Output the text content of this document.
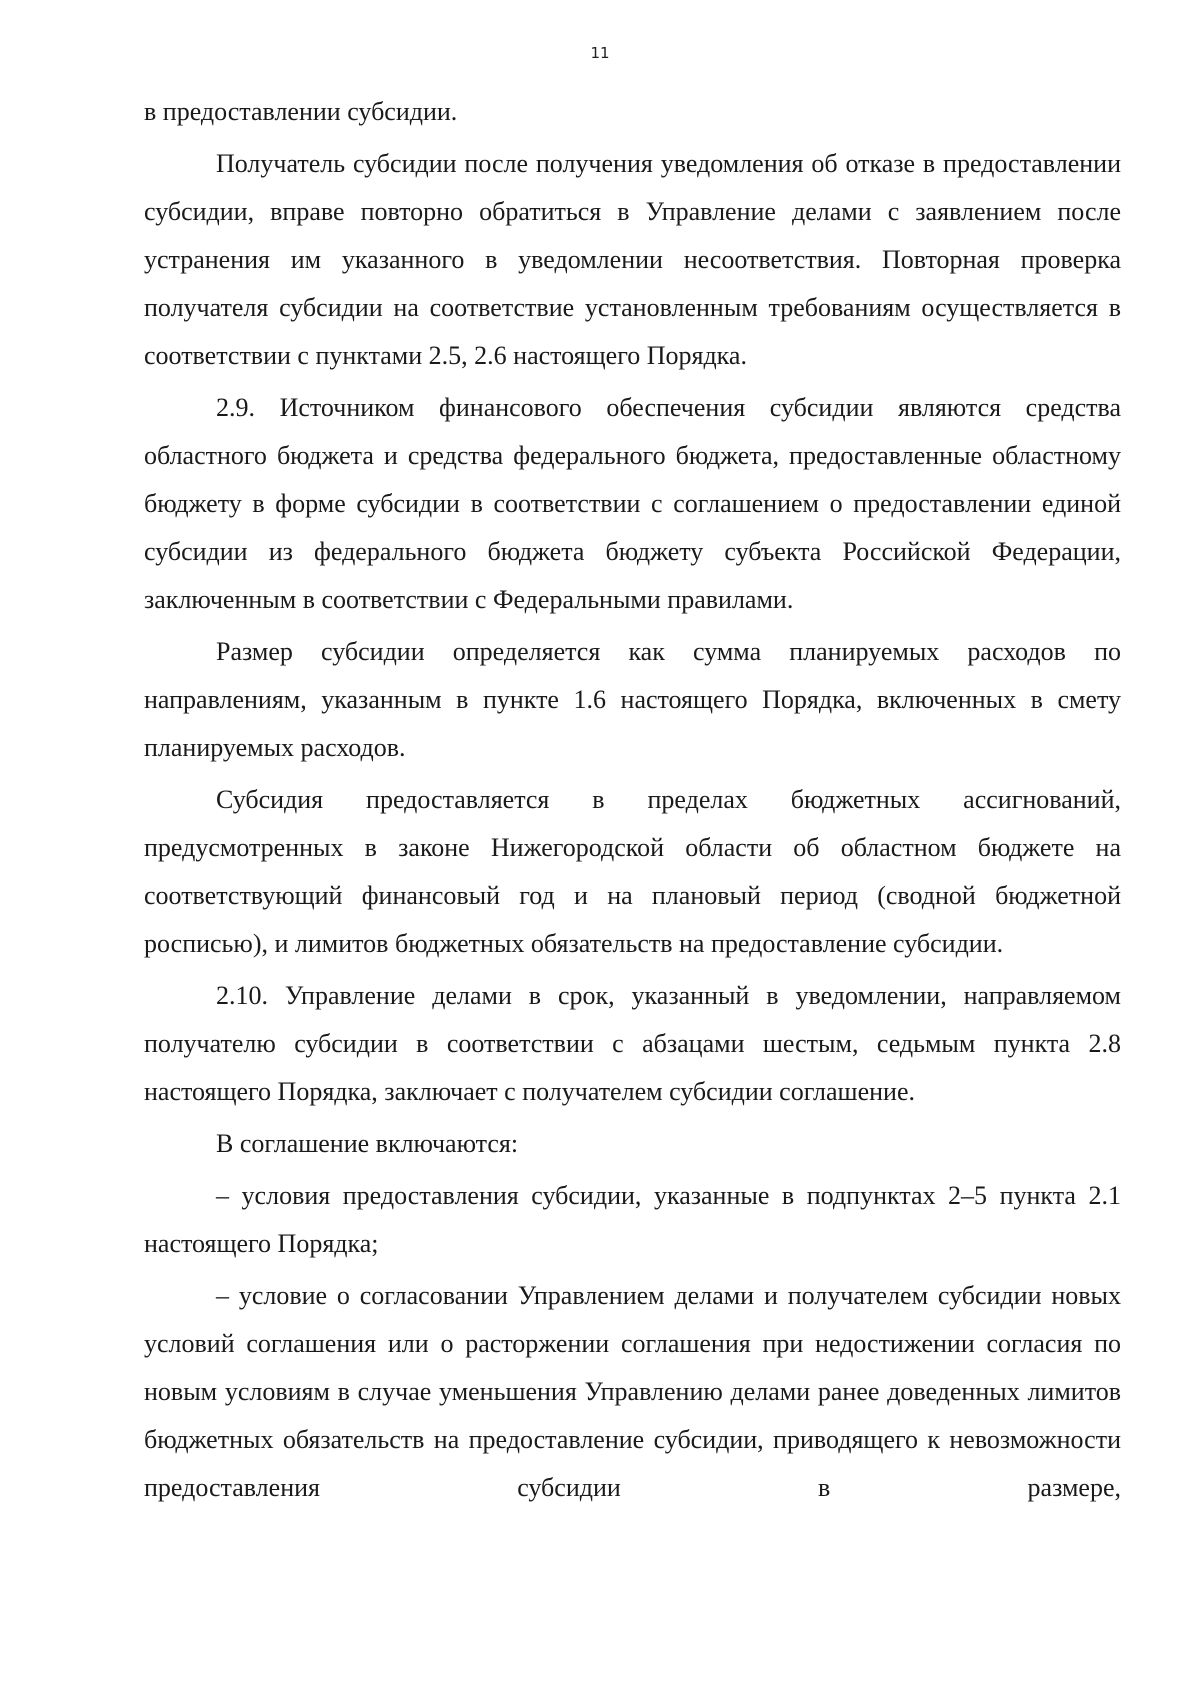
11

в предоставлении субсидии.

Получатель субсидии после получения уведомления об отказе в предоставлении субсидии, вправе повторно обратиться в Управление делами с заявлением после устранения им указанного в уведомлении несоответствия. Повторная проверка получателя субсидии на соответствие установленным требованиям осуществляется в соответствии с пунктами 2.5, 2.6 настоящего Порядка.

2.9. Источником финансового обеспечения субсидии являются средства областного бюджета и средства федерального бюджета, предоставленные областному бюджету в форме субсидии в соответствии с соглашением о предоставлении единой субсидии из федерального бюджета бюджету субъекта Российской Федерации, заключенным в соответствии с Федеральными правилами.

Размер субсидии определяется как сумма планируемых расходов по направлениям, указанным в пункте 1.6 настоящего Порядка, включенных в смету планируемых расходов.

Субсидия предоставляется в пределах бюджетных ассигнований, предусмотренных в законе Нижегородской области об областном бюджете на соответствующий финансовый год и на плановый период (сводной бюджетной росписью), и лимитов бюджетных обязательств на предоставление субсидии.

2.10. Управление делами в срок, указанный в уведомлении, направляемом получателю субсидии в соответствии с абзацами шестым, седьмым пункта 2.8 настоящего Порядка, заключает с получателем субсидии соглашение.

В соглашение включаются:

– условия предоставления субсидии, указанные в подпунктах 2–5 пункта 2.1 настоящего Порядка;

– условие о согласовании Управлением делами и получателем субсидии новых условий соглашения или о расторжении соглашения при недостижении согласия по новым условиям в случае уменьшения Управлению делами ранее доведенных лимитов бюджетных обязательств на предоставление субсидии, приводящего к невозможности предоставления субсидии в размере,
